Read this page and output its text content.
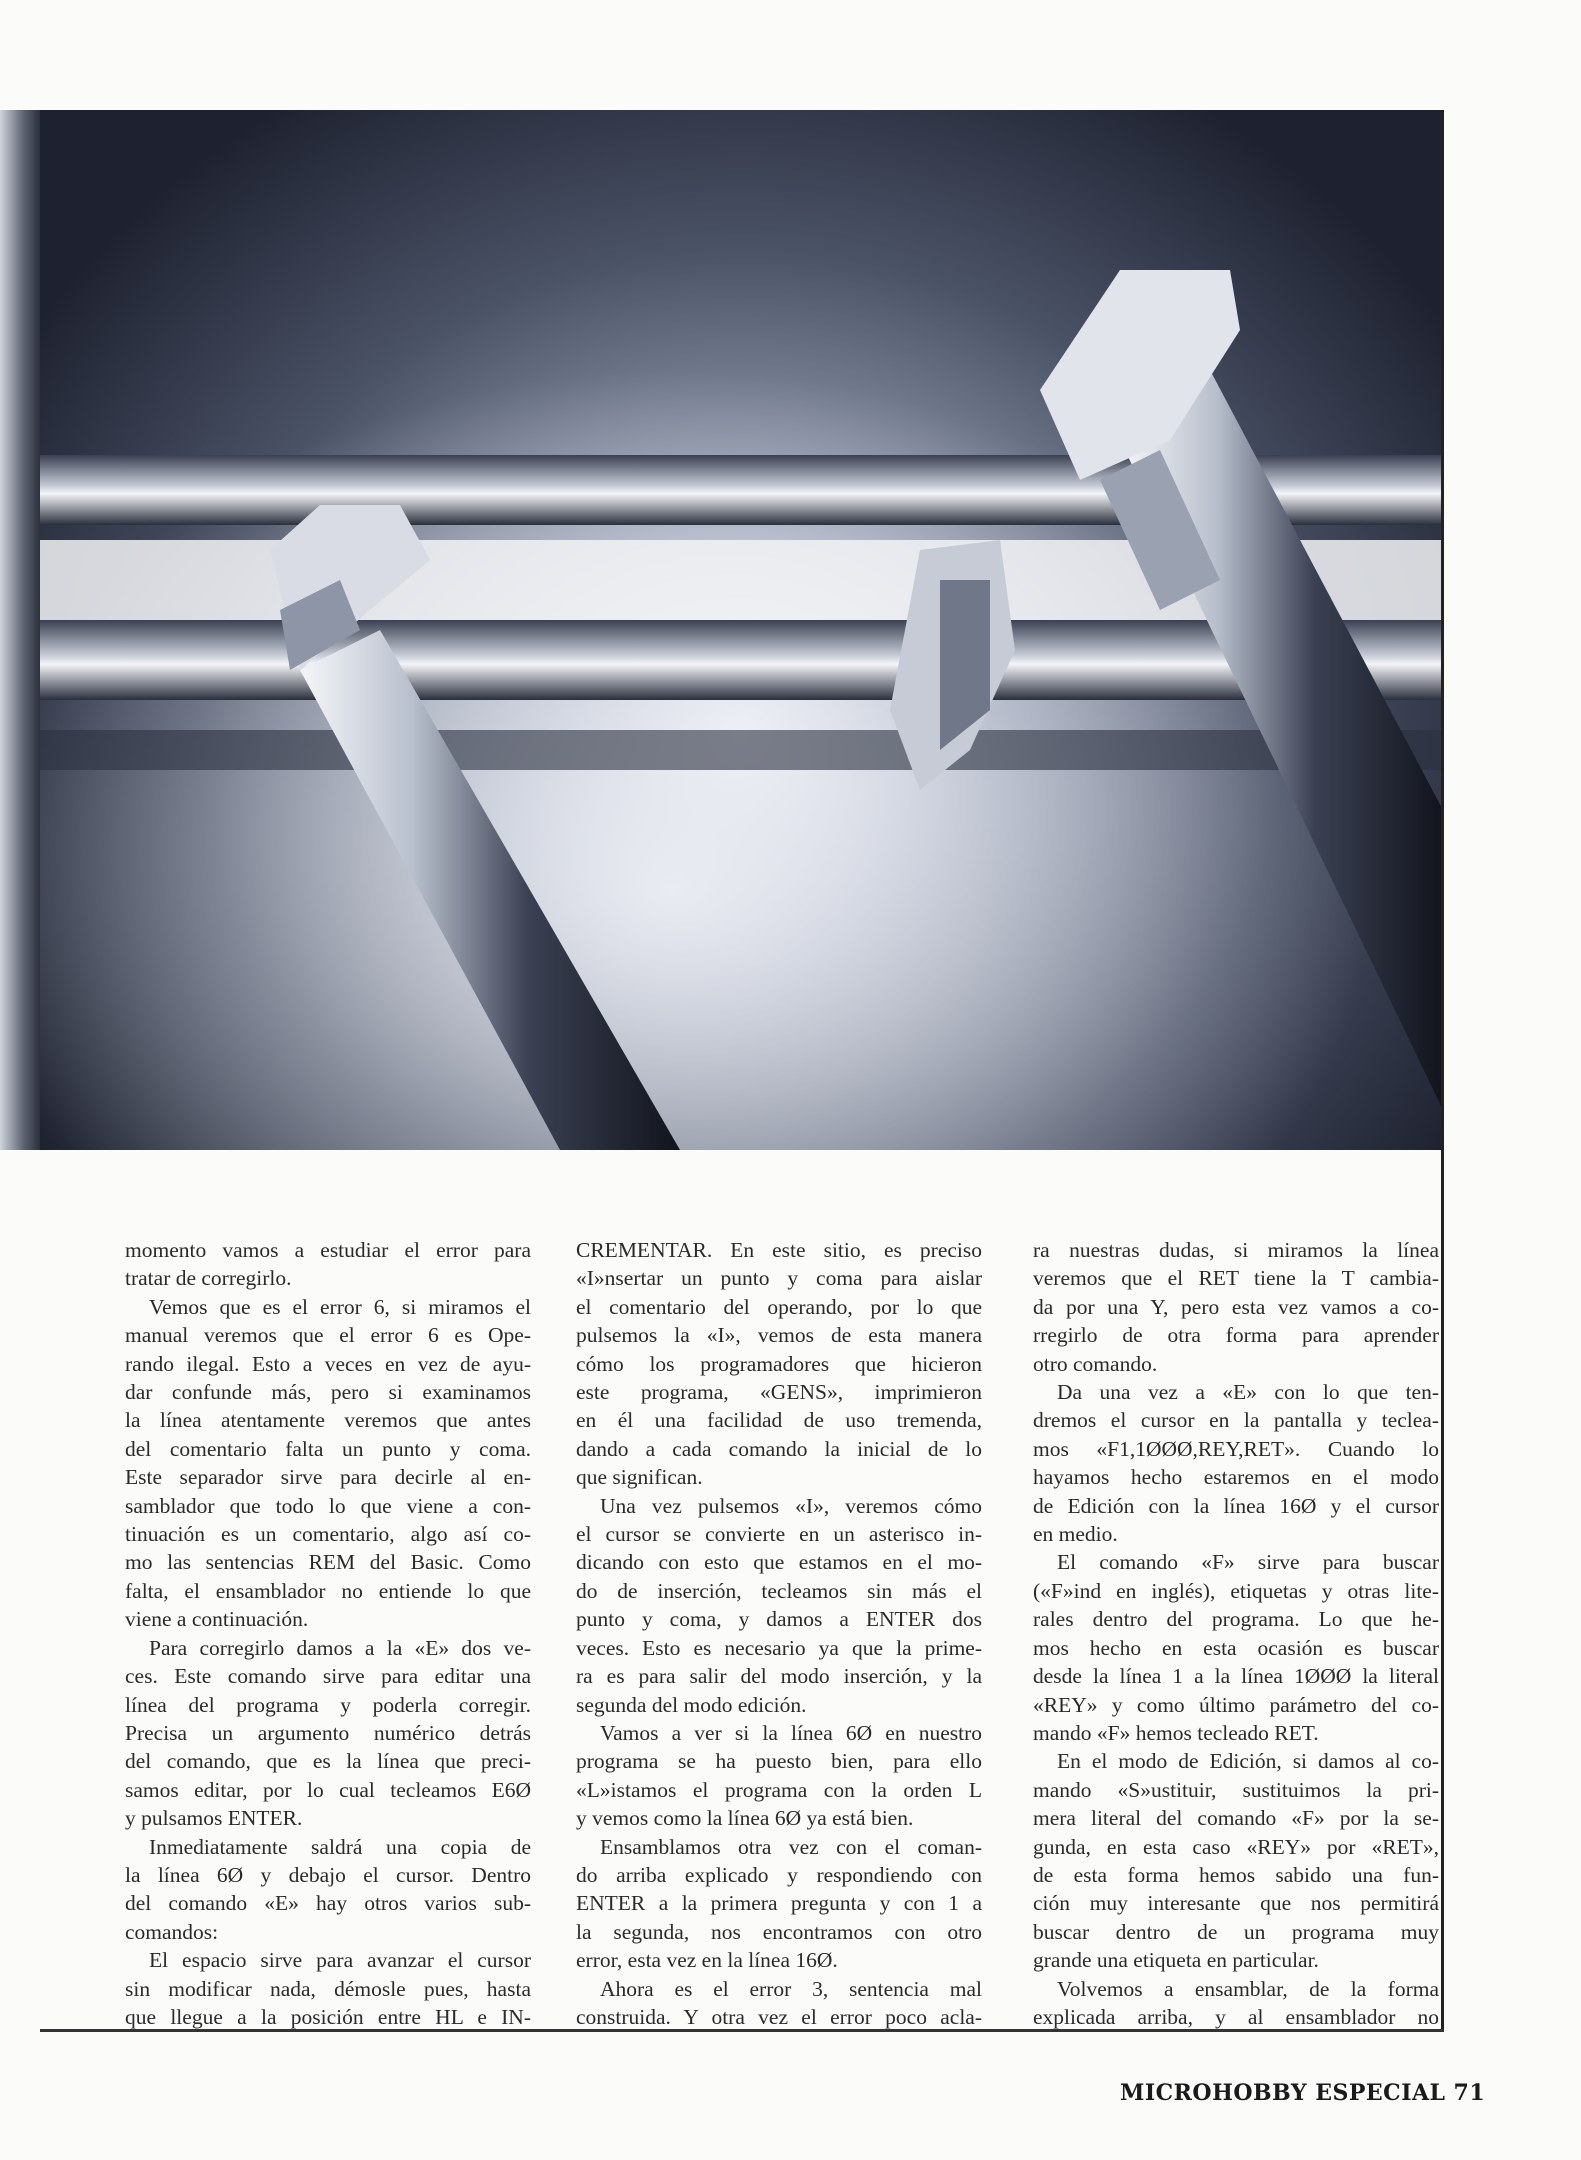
momento vamos a estudiar el error para
tratar de corregirlo.
Vemos que es el error 6, si miramos el
manual veremos que el error 6 es Ope-
rando ilegal. Esto a veces en vez de ayu-
dar confunde más, pero si examinamos
la línea atentamente veremos que antes
del comentario falta un punto y coma.
Este separador sirve para decirle al en-
samblador que todo lo que viene a con-
tinuación es un comentario, algo así co-
mo las sentencias REM del Basic. Como
falta, el ensamblador no entiende lo que
viene a continuación.
Para corregirlo damos a la «E» dos ve-
ces. Este comando sirve para editar una
línea del programa y poderla corregir.
Precisa un argumento numérico detrás
del comando, que es la línea que preci-
samos editar, por lo cual tecleamos E6Ø
y pulsamos ENTER.
Inmediatamente saldrá una copia de
la línea 6Ø y debajo el cursor. Dentro
del comando «E» hay otros varios sub-
comandos:
El espacio sirve para avanzar el cursor
sin modificar nada, démosle pues, hasta
que llegue a la posición entre HL e IN-
CREMENTAR. En este sitio, es preciso
«I»nsertar un punto y coma para aislar
el comentario del operando, por lo que
pulsemos la «I», vemos de esta manera
cómo los programadores que hicieron
este programa, «GENS», imprimieron
en él una facilidad de uso tremenda,
dando a cada comando la inicial de lo
que significan.
Una vez pulsemos «I», veremos cómo
el cursor se convierte en un asterisco in-
dicando con esto que estamos en el mo-
do de inserción, tecleamos sin más el
punto y coma, y damos a ENTER dos
veces. Esto es necesario ya que la prime-
ra es para salir del modo inserción, y la
segunda del modo edición.
Vamos a ver si la línea 6Ø en nuestro
programa se ha puesto bien, para ello
«L»istamos el programa con la orden L
y vemos como la línea 6Ø ya está bien.
Ensamblamos otra vez con el coman-
do arriba explicado y respondiendo con
ENTER a la primera pregunta y con 1 a
la segunda, nos encontramos con otro
error, esta vez en la línea 16Ø.
Ahora es el error 3, sentencia mal
construida. Y otra vez el error poco acla-
ra nuestras dudas, si miramos la línea
veremos que el RET tiene la T cambia-
da por una Y, pero esta vez vamos a co-
rregirlo de otra forma para aprender
otro comando.
Da una vez a «E» con lo que ten-
dremos el cursor en la pantalla y teclea-
mos «F1,1ØØØ,REY,RET». Cuando lo
hayamos hecho estaremos en el modo
de Edición con la línea 16Ø y el cursor
en medio.
El comando «F» sirve para buscar
(«F»ind en inglés), etiquetas y otras lite-
rales dentro del programa. Lo que he-
mos hecho en esta ocasión es buscar
desde la línea 1 a la línea 1ØØØ la literal
«REY» y como último parámetro del co-
mando «F» hemos tecleado RET.
En el modo de Edición, si damos al co-
mando «S»ustituir, sustituimos la pri-
mera literal del comando «F» por la se-
gunda, en esta caso «REY» por «RET»,
de esta forma hemos sabido una fun-
ción muy interesante que nos permitirá
buscar dentro de un programa muy
grande una etiqueta en particular.
Volvemos a ensamblar, de la forma
explicada arriba, y al ensamblador no
MICROHOBBY ESPECIAL 71
